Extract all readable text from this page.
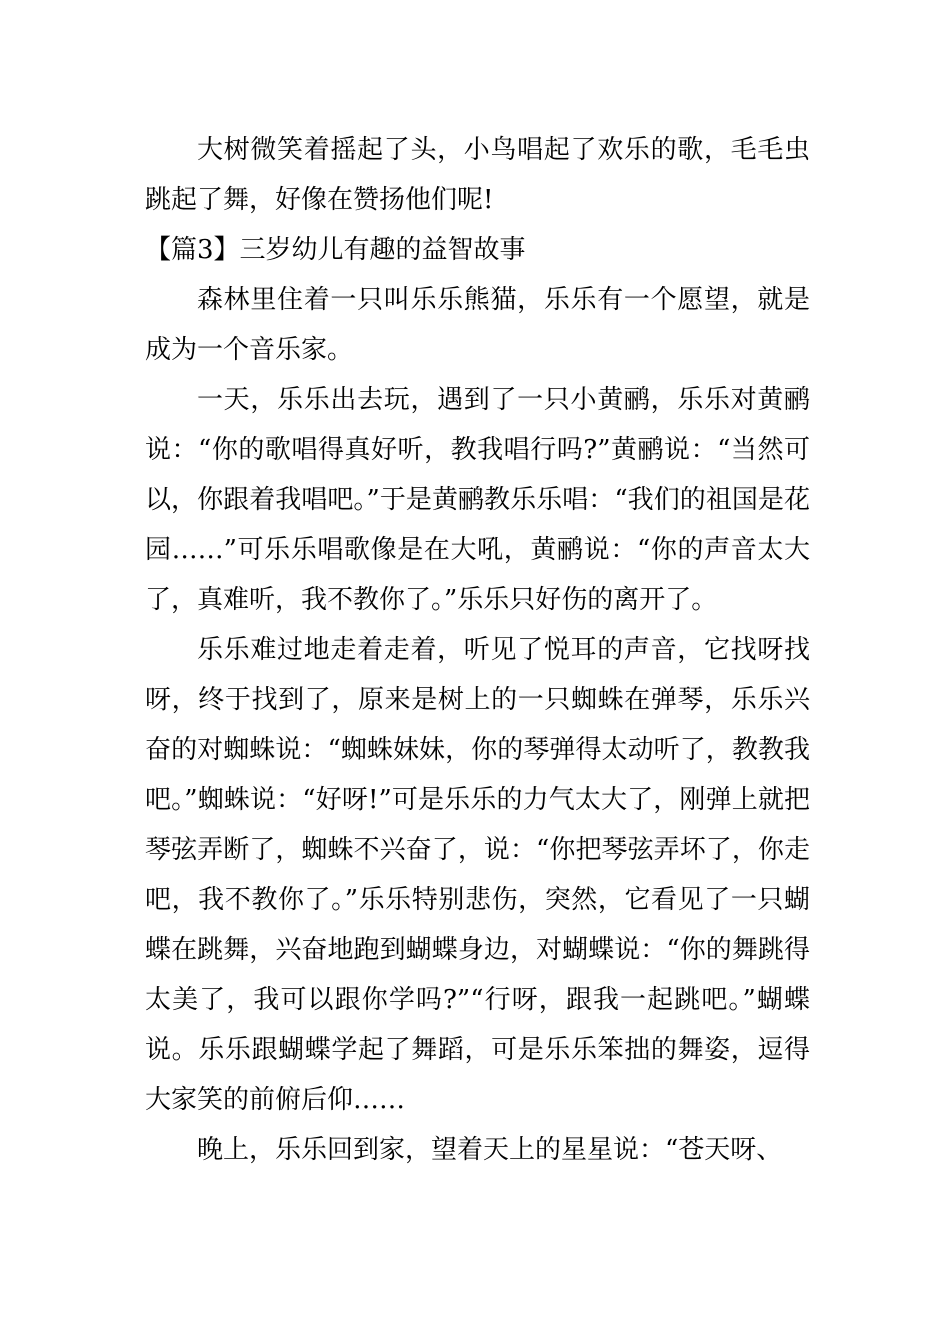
大树微笑着摇起了头，小鸟唱起了欢乐的歌，毛毛虫跳起了舞，好像在赞扬他们呢!

【篇3】三岁幼儿有趣的益智故事

森林里住着一只叫乐乐熊猫，乐乐有一个愿望，就是成为一个音乐家。

一天，乐乐出去玩，遇到了一只小黄鹂，乐乐对黄鹂说：“你的歌唱得真好听，教我唱行吗?”黄鹂说：“当然可以，你跟着我唱吧。”于是黄鹂教乐乐唱：“我们的祖国是花园……”可乐乐唱歌像是在大吼，黄鹂说：“你的声音太大了，真难听，我不教你了。”乐乐只好伤的离开了。

乐乐难过地走着走着，听见了悦耳的声音，它找呀找呀，终于找到了，原来是树上的一只蜘蛛在弹琴，乐乐兴奋的对蜘蛛说：“蜘蛛妹妹，你的琴弹得太动听了，教教我吧。”蜘蛛说：“好呀!”可是乐乐的力气太大了，刚弹上就把琴弦弄断了，蜘蛛不兴奋了，说：“你把琴弦弄坏了，你走吧，我不教你了。”乐乐特别悲伤，突然，它看见了一只蝴蝶在跳舞，兴奋地跑到蝴蝶身边，对蝴蝶说：“你的舞跳得太美了，我可以跟你学吗?”“行呀，跟我一起跳吧。”蝴蝶说。乐乐跟蝴蝶学起了舞蹈，可是乐乐笨拙的舞姿，逗得大家笑的前俯后仰……

晚上，乐乐回到家，望着天上的星星说：“苍天呀、
